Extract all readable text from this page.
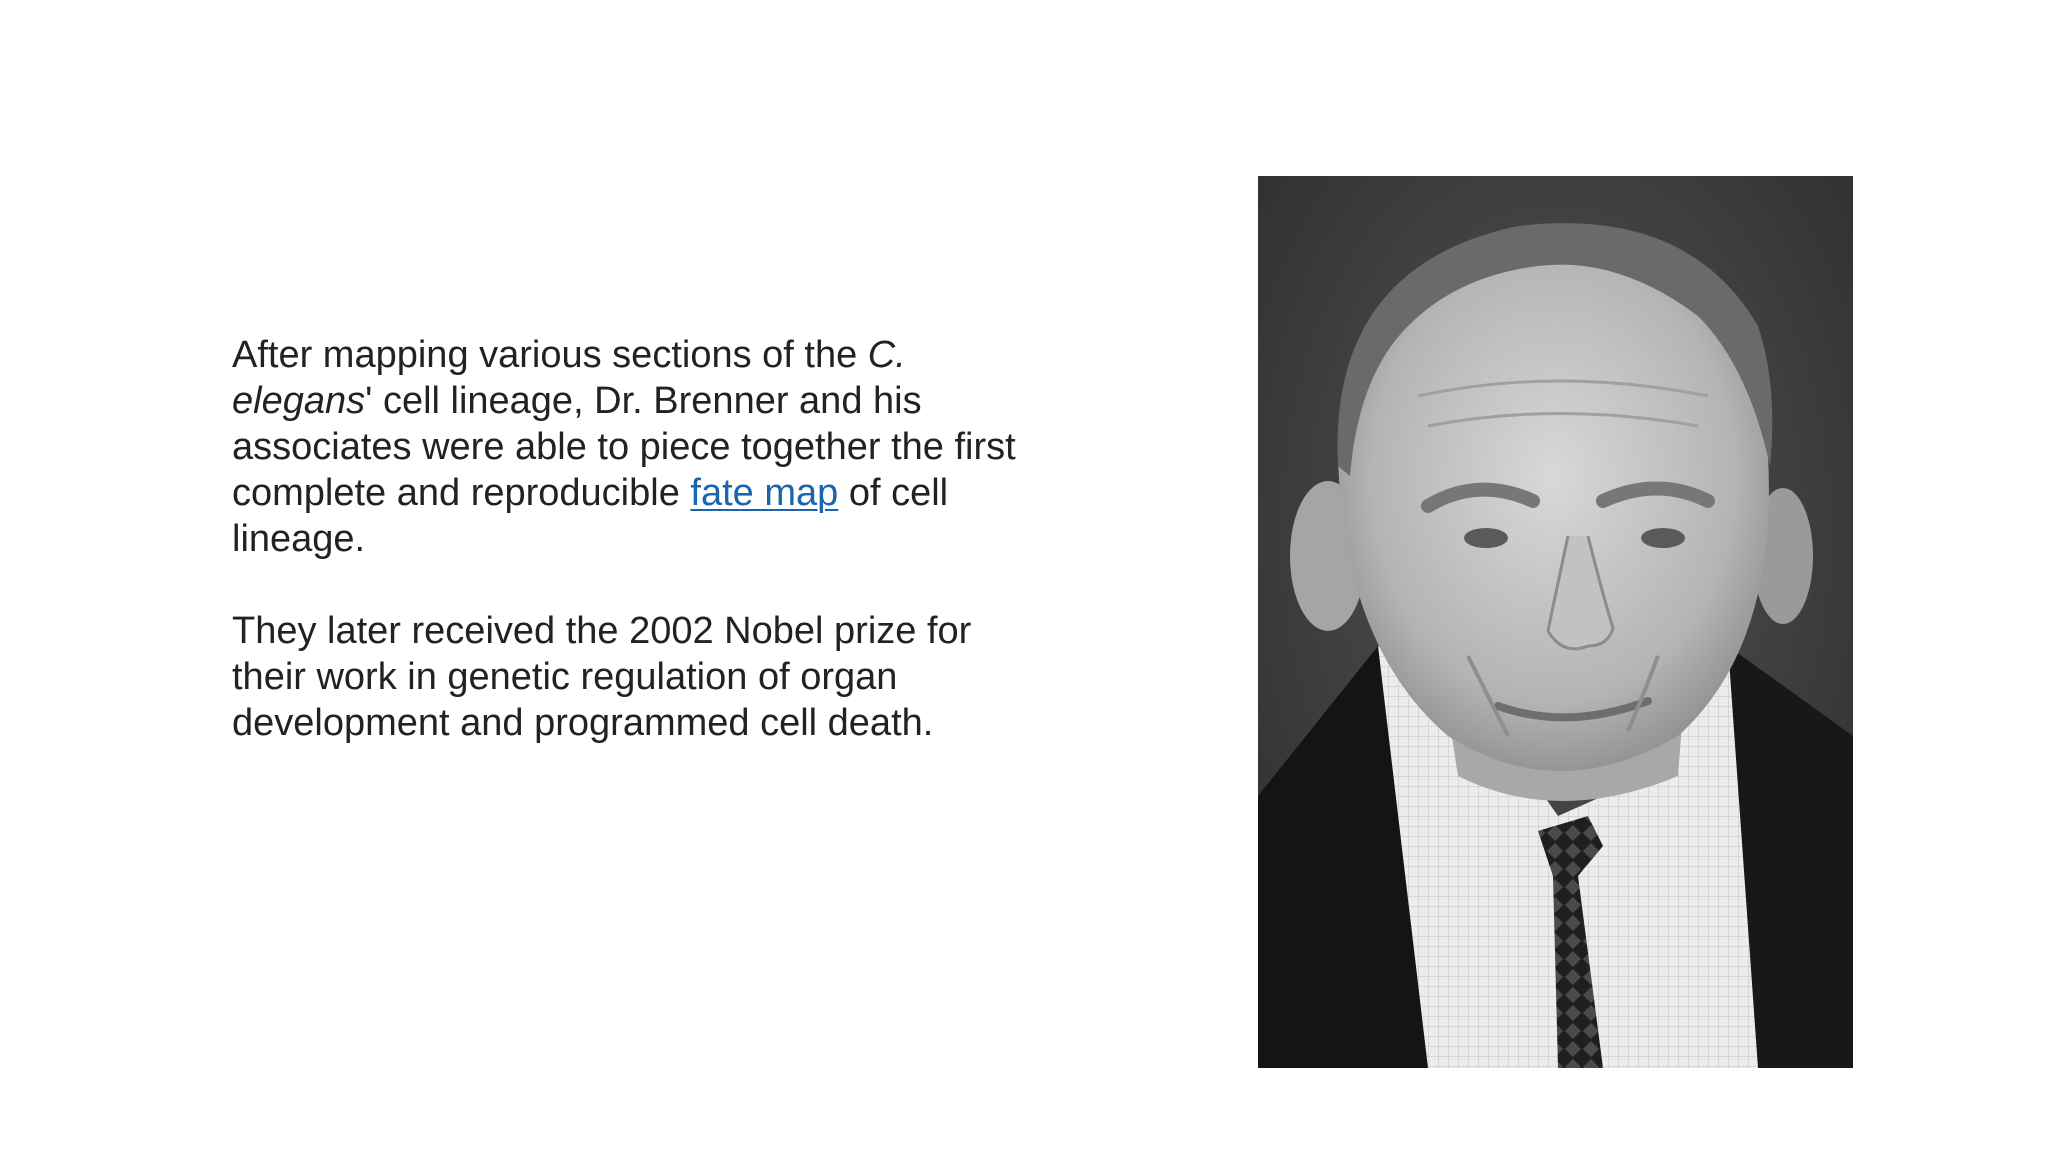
After mapping various sections of the C. elegans' cell lineage, Dr. Brenner and his associates were able to piece together the first complete and reproducible fate map of cell lineage.

They later received the 2002 Nobel prize for their work in genetic regulation of organ development and programmed cell death.
